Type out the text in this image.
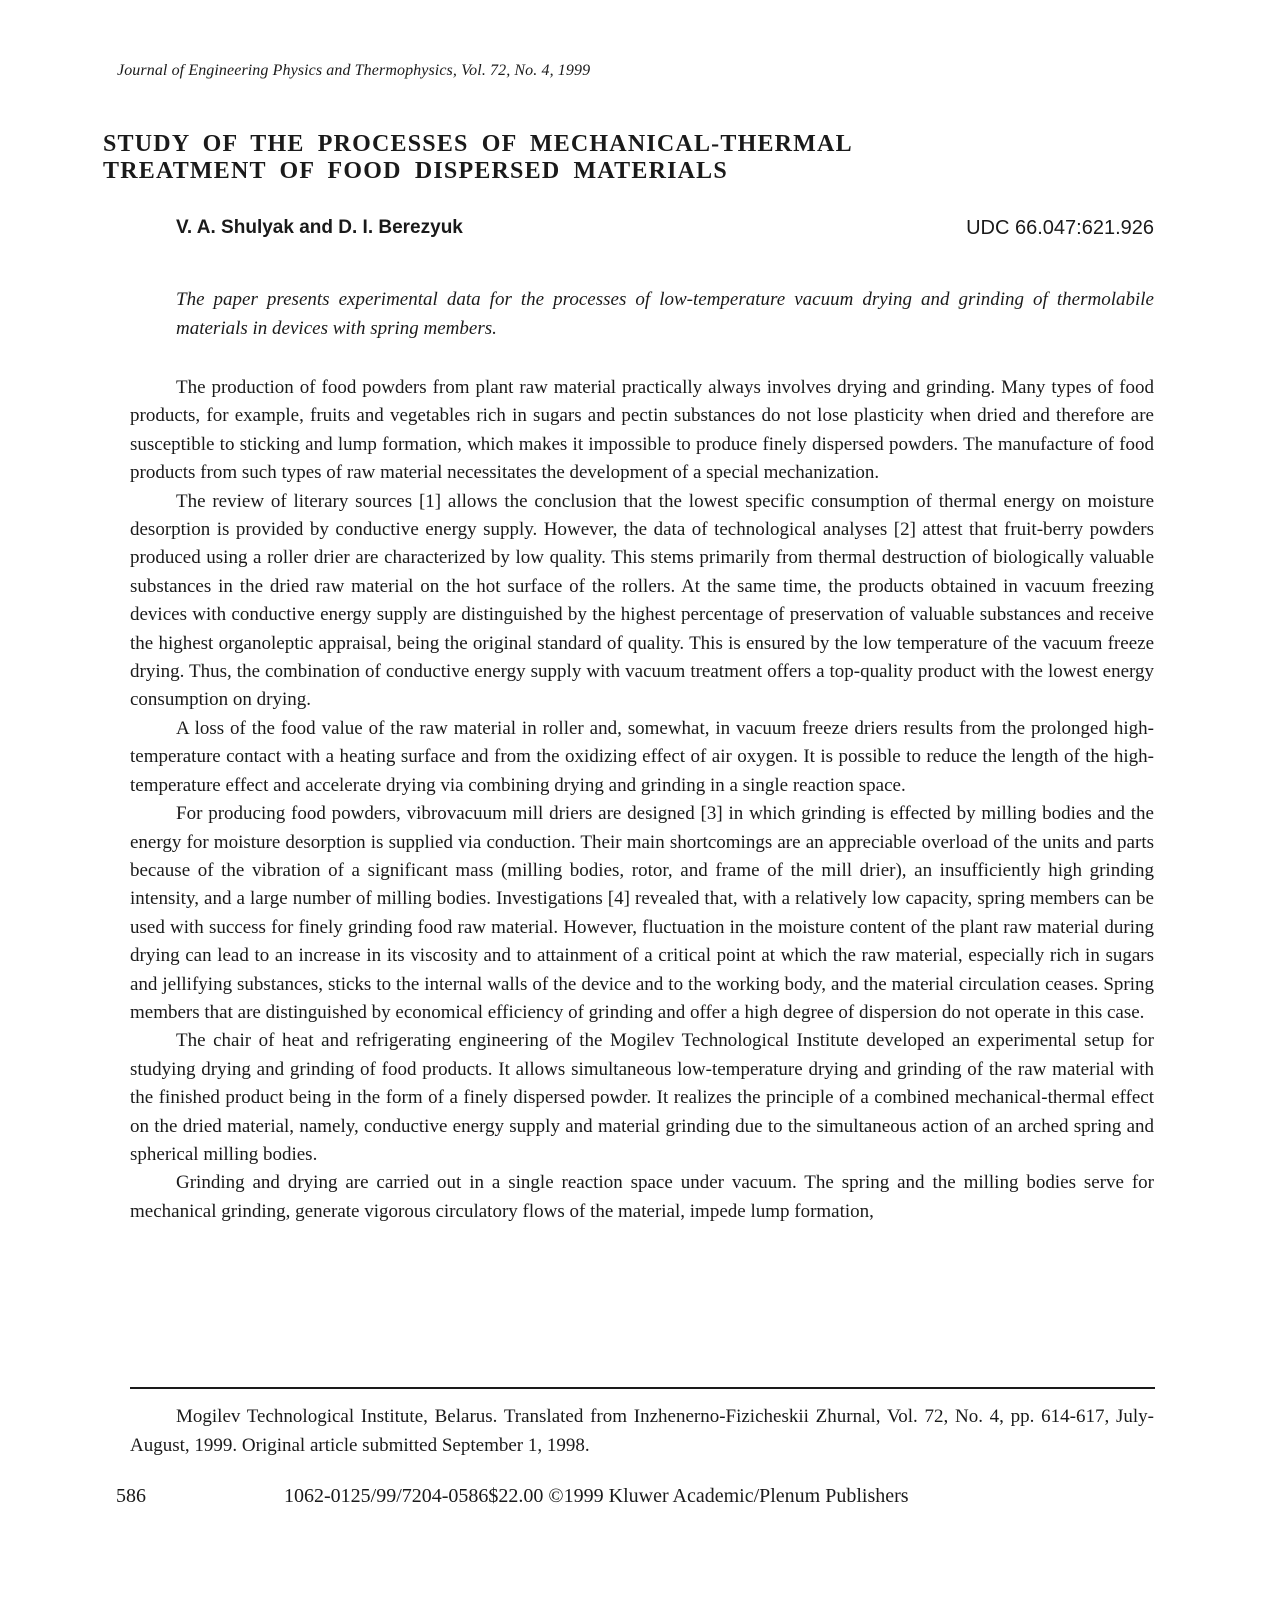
Journal of Engineering Physics and Thermophysics, Vol. 72, No. 4, 1999
STUDY OF THE PROCESSES OF MECHANICAL-THERMAL
TREATMENT OF FOOD DISPERSED MATERIALS
V. A. Shulyak and D. I. Berezyuk	UDC 66.047:621.926
The paper presents experimental data for the processes of low-temperature vacuum drying and grinding of thermolabile materials in devices with spring members.

The production of food powders from plant raw material practically always involves drying and grinding. Many types of food products, for example, fruits and vegetables rich in sugars and pectin substances do not lose plasticity when dried and therefore are susceptible to sticking and lump formation, which makes it impossible to produce finely dispersed powders. The manufacture of food products from such types of raw material necessitates the development of a special mechanization.

The review of literary sources [1] allows the conclusion that the lowest specific consumption of thermal energy on moisture desorption is provided by conductive energy supply. However, the data of technological analyses [2] attest that fruit-berry powders produced using a roller drier are characterized by low quality. This stems primarily from thermal destruction of biologically valuable substances in the dried raw material on the hot surface of the rollers. At the same time, the products obtained in vacuum freezing devices with conductive energy supply are distinguished by the highest percentage of preservation of valuable substances and receive the highest organoleptic appraisal, being the original standard of quality. This is ensured by the low temperature of the vacuum freeze drying. Thus, the combination of conductive energy supply with vacuum treatment offers a top-quality product with the lowest energy consumption on drying.

A loss of the food value of the raw material in roller and, somewhat, in vacuum freeze driers results from the prolonged high-temperature contact with a heating surface and from the oxidizing effect of air oxygen. It is possible to reduce the length of the high-temperature effect and accelerate drying via combining drying and grinding in a single reaction space.

For producing food powders, vibrovacuum mill driers are designed [3] in which grinding is effected by milling bodies and the energy for moisture desorption is supplied via conduction. Their main shortcomings are an appreciable overload of the units and parts because of the vibration of a significant mass (milling bodies, rotor, and frame of the mill drier), an insufficiently high grinding intensity, and a large number of milling bodies. Investigations [4] revealed that, with a relatively low capacity, spring members can be used with success for finely grinding food raw material. However, fluctuation in the moisture content of the plant raw material during drying can lead to an increase in its viscosity and to attainment of a critical point at which the raw material, especially rich in sugars and jellifying substances, sticks to the internal walls of the device and to the working body, and the material circulation ceases. Spring members that are distinguished by economical efficiency of grinding and offer a high degree of dispersion do not operate in this case.

The chair of heat and refrigerating engineering of the Mogilev Technological Institute developed an experimental setup for studying drying and grinding of food products. It allows simultaneous low-temperature drying and grinding of the raw material with the finished product being in the form of a finely dispersed powder. It realizes the principle of a combined mechanical-thermal effect on the dried material, namely, conductive energy supply and material grinding due to the simultaneous action of an arched spring and spherical milling bodies.

Grinding and drying are carried out in a single reaction space under vacuum. The spring and the milling bodies serve for mechanical grinding, generate vigorous circulatory flows of the material, impede lump formation,

Mogilev Technological Institute, Belarus. Translated from Inzhenerno-Fizicheskii Zhurnal, Vol. 72, No. 4, pp. 614-617, July-August, 1999. Original article submitted September 1, 1998.
586	1062-0125/99/7204-0586$22.00 ©1999 Kluwer Academic/Plenum Publishers
